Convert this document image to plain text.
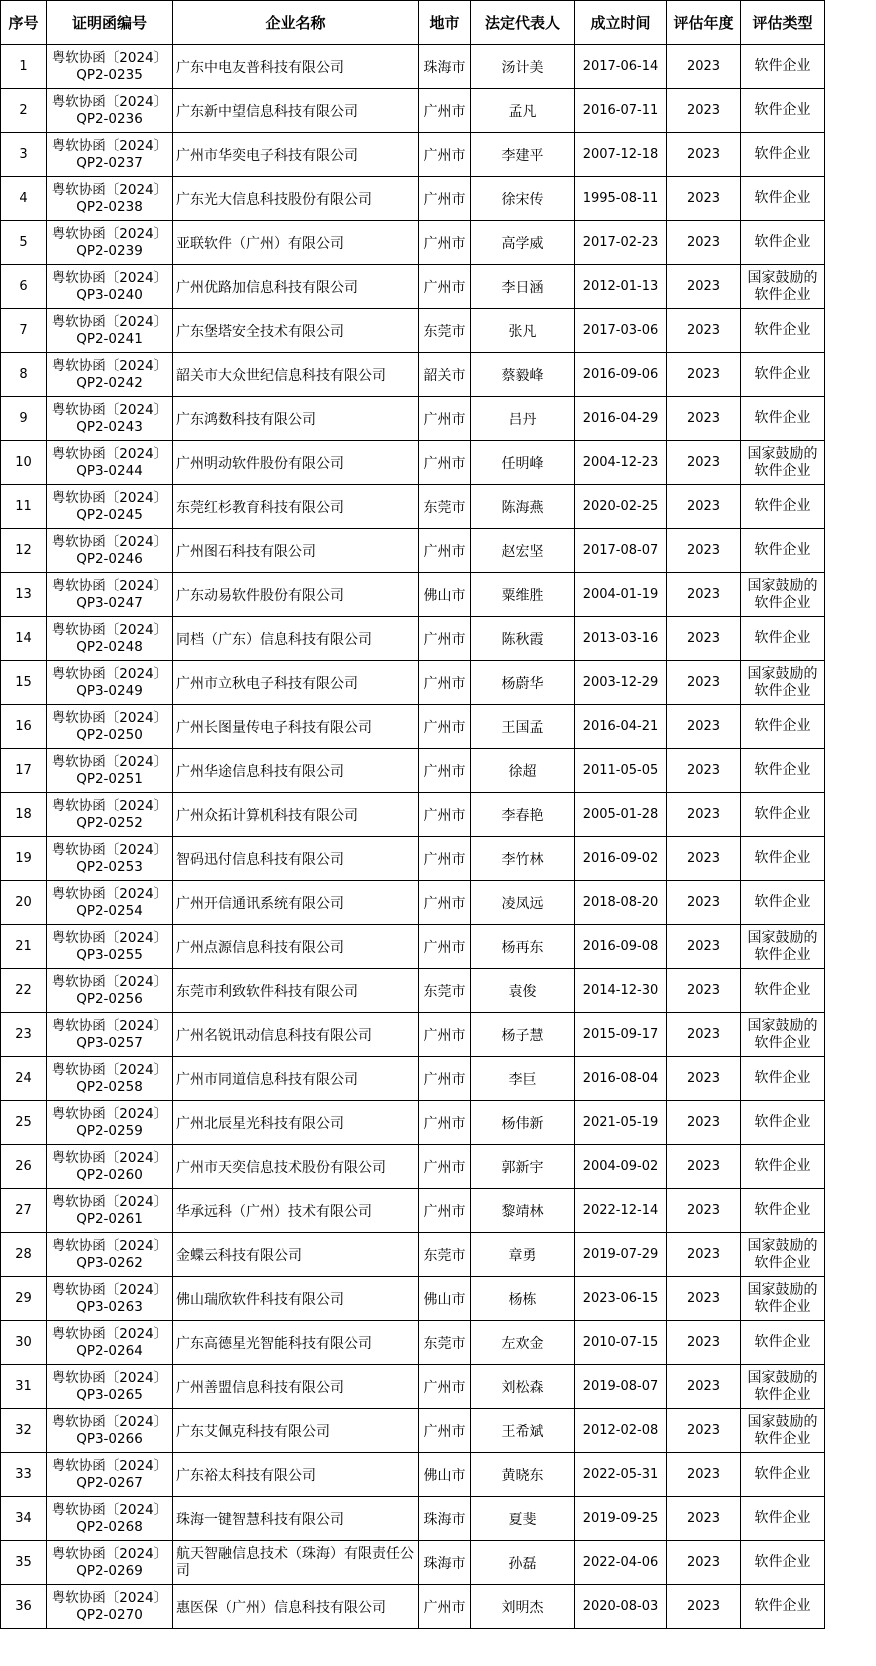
序号	证明函编号	企业名称	地市	法定代表人	成立时间	评估年度	评估类型
1	粤软协函〔2024〕
QP2-0235	广东中电友普科技有限公司	珠海市	汤计美	2017-06-14	2023	软件企业

2	粤软协函〔2024〕
QP2-0236	广东新中望信息科技有限公司	广州市	孟凡	2016-07-11	2023	软件企业

3	粤软协函〔2024〕
QP2-0237	广州市华奕电子科技有限公司	广州市	李建平	2007-12-18	2023	软件企业

4	粤软协函〔2024〕
QP2-0238	广东光大信息科技股份有限公司	广州市	徐宋传	1995-08-11	2023	软件企业

5	粤软协函〔2024〕
QP2-0239	亚联软件（广州）有限公司	广州市	高学威	2017-02-23	2023	软件企业

6	粤软协函〔2024〕
QP3-0240	广州优路加信息科技有限公司	广州市	李日涵	2012-01-13	2023	国家鼓励的
软件企业

7	粤软协函〔2024〕
QP2-0241	广东堡塔安全技术有限公司	东莞市	张凡	2017-03-06	2023	软件企业

8	粤软协函〔2024〕
QP2-0242	韶关市大众世纪信息科技有限公司	韶关市	蔡毅峰	2016-09-06	2023	软件企业

9	粤软协函〔2024〕
QP2-0243	广东鸿数科技有限公司	广州市	吕丹	2016-04-29	2023	软件企业

10	粤软协函〔2024〕
QP3-0244	广州明动软件股份有限公司	广州市	任明峰	2004-12-23	2023	国家鼓励的
软件企业

11	粤软协函〔2024〕
QP2-0245	东莞红杉教育科技有限公司	东莞市	陈海燕	2020-02-25	2023	软件企业

12	粤软协函〔2024〕
QP2-0246	广州图石科技有限公司	广州市	赵宏坚	2017-08-07	2023	软件企业

13	粤软协函〔2024〕
QP3-0247	广东动易软件股份有限公司	佛山市	粟维胜	2004-01-19	2023	国家鼓励的
软件企业

14	粤软协函〔2024〕
QP2-0248	同档（广东）信息科技有限公司	广州市	陈秋霞	2013-03-16	2023	软件企业

15	粤软协函〔2024〕
QP3-0249	广州市立秋电子科技有限公司	广州市	杨蔚华	2003-12-29	2023	国家鼓励的
软件企业

16	粤软协函〔2024〕
QP2-0250	广州长图量传电子科技有限公司	广州市	王国孟	2016-04-21	2023	软件企业

17	粤软协函〔2024〕
QP2-0251	广州华途信息科技有限公司	广州市	徐超	2011-05-05	2023	软件企业

18	粤软协函〔2024〕
QP2-0252	广州众拓计算机科技有限公司	广州市	李春艳	2005-01-28	2023	软件企业

19	粤软协函〔2024〕
QP2-0253	智码迅付信息科技有限公司	广州市	李竹林	2016-09-02	2023	软件企业

20	粤软协函〔2024〕
QP2-0254	广州开信通讯系统有限公司	广州市	凌凤远	2018-08-20	2023	软件企业

21	粤软协函〔2024〕
QP3-0255	广州点源信息科技有限公司	广州市	杨再东	2016-09-08	2023	国家鼓励的
软件企业

22	粤软协函〔2024〕
QP2-0256	东莞市利致软件科技有限公司	东莞市	袁俊	2014-12-30	2023	软件企业

23	粤软协函〔2024〕
QP3-0257	广州名锐讯动信息科技有限公司	广州市	杨子慧	2015-09-17	2023	国家鼓励的
软件企业

24	粤软协函〔2024〕
QP2-0258	广州市同道信息科技有限公司	广州市	李巨	2016-08-04	2023	软件企业

25	粤软协函〔2024〕
QP2-0259	广州北辰星光科技有限公司	广州市	杨伟新	2021-05-19	2023	软件企业

26	粤软协函〔2024〕
QP2-0260	广州市天奕信息技术股份有限公司	广州市	郭新宇	2004-09-02	2023	软件企业

27	粤软协函〔2024〕
QP2-0261	华承远科（广州）技术有限公司	广州市	黎靖林	2022-12-14	2023	软件企业

28	粤软协函〔2024〕
QP3-0262	金蝶云科技有限公司	东莞市	章勇	2019-07-29	2023	国家鼓励的
软件企业

29	粤软协函〔2024〕
QP3-0263	佛山瑞欣软件科技有限公司	佛山市	杨栋	2023-06-15	2023	国家鼓励的
软件企业

30	粤软协函〔2024〕
QP2-0264	广东高德星光智能科技有限公司	东莞市	左欢金	2010-07-15	2023	软件企业

31	粤软协函〔2024〕
QP3-0265	广州善盟信息科技有限公司	广州市	刘松森	2019-08-07	2023	国家鼓励的
软件企业

32	粤软协函〔2024〕
QP3-0266	广东艾佩克科技有限公司	广州市	王希斌	2012-02-08	2023	国家鼓励的
软件企业

33	粤软协函〔2024〕
QP2-0267	广东裕太科技有限公司	佛山市	黄晓东	2022-05-31	2023	软件企业

34	粤软协函〔2024〕
QP2-0268	珠海一键智慧科技有限公司	珠海市	夏斐	2019-09-25	2023	软件企业

35	粤软协函〔2024〕
QP2-0269	航天智融信息技术（珠海）有限责任公司	珠海市	孙磊	2022-04-06	2023	软件企业

36	粤软协函〔2024〕
QP2-0270	惠医保（广州）信息科技有限公司	广州市	刘明杰	2020-08-03	2023	软件企业
